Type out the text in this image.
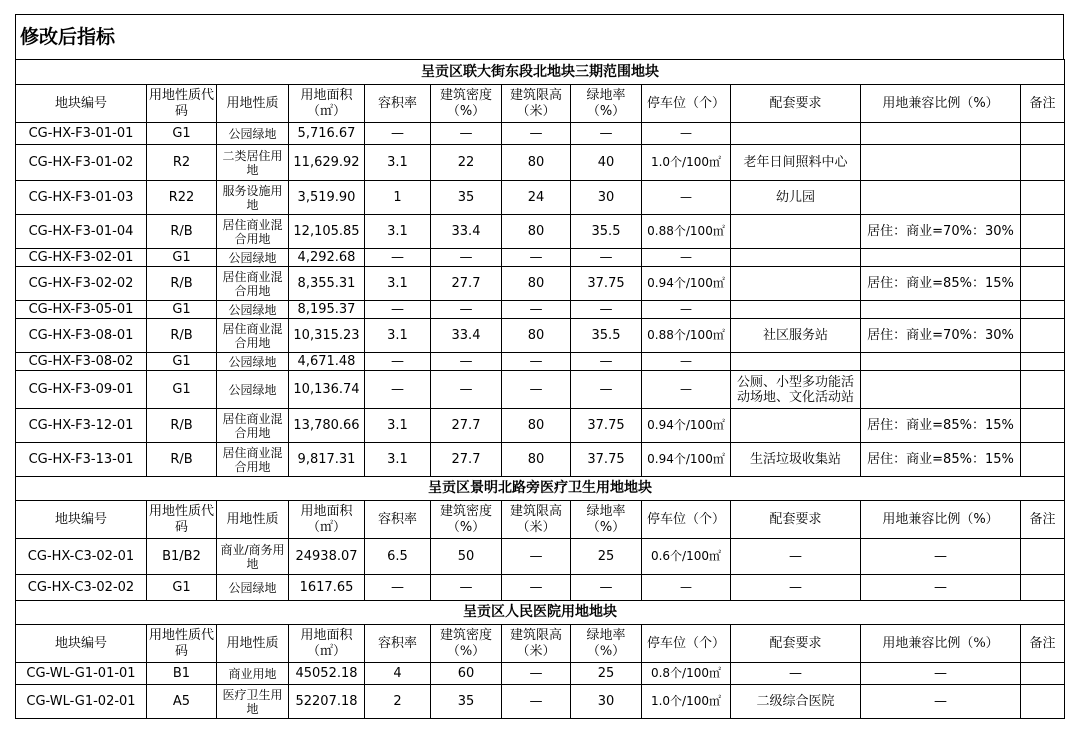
修改后指标
呈贡区联大街东段北地块三期范围地块											
地块编号	用地性质代码	用地性质	用地面积（㎡）	容积率	建筑密度（%）	建筑限高（米）	绿地率（%）	停车位（个）	配套要求	用地兼容比例（%）	备注
CG-HX-F3-01-01	G1	公园绿地	5,716.67	—	—	—	—	—			
CG-HX-F3-01-02	R2	二类居住用地	11,629.92	3.1	22	80	40	1.0个/100㎡	老年日间照料中心		
CG-HX-F3-01-03	R22	服务设施用地	3,519.90	1	35	24	30	—	幼儿园		
CG-HX-F3-01-04	R/B	居住商业混合用地	12,105.85	3.1	33.4	80	35.5	0.88个/100㎡		居住：商业=70%：30%	
CG-HX-F3-02-01	G1	公园绿地	4,292.68	—	—	—	—	—			
CG-HX-F3-02-02	R/B	居住商业混合用地	8,355.31	3.1	27.7	80	37.75	0.94个/100㎡		居住：商业=85%：15%	
CG-HX-F3-05-01	G1	公园绿地	8,195.37	—	—	—	—	—			
CG-HX-F3-08-01	R/B	居住商业混合用地	10,315.23	3.1	33.4	80	35.5	0.88个/100㎡	社区服务站	居住：商业=70%：30%	
CG-HX-F3-08-02	G1	公园绿地	4,671.48	—	—	—	—	—			
CG-HX-F3-09-01	G1	公园绿地	10,136.74	—	—	—	—	—	公厕、小型多功能活动场地、文化活动站		
CG-HX-F3-12-01	R/B	居住商业混合用地	13,780.66	3.1	27.7	80	37.75	0.94个/100㎡		居住：商业=85%：15%	
CG-HX-F3-13-01	R/B	居住商业混合用地	9,817.31	3.1	27.7	80	37.75	0.94个/100㎡	生活垃圾收集站	居住：商业=85%：15%	
呈贡区景明北路旁医疗卫生用地地块											
地块编号	用地性质代码	用地性质	用地面积（㎡）	容积率	建筑密度（%）	建筑限高（米）	绿地率（%）	停车位（个）	配套要求	用地兼容比例（%）	备注
CG-HX-C3-02-01	B1/B2	商业/商务用地	24938.07	6.5	50	—	25	0.6个/100㎡	—	—	
CG-HX-C3-02-02	G1	公园绿地	1617.65	—	—	—	—	—	—	—	
呈贡区人民医院用地地块											
地块编号	用地性质代码	用地性质	用地面积（㎡）	容积率	建筑密度（%）	建筑限高（米）	绿地率（%）	停车位（个）	配套要求	用地兼容比例（%）	备注
CG-WL-G1-01-01	B1	商业用地	45052.18	4	60	—	25	0.8个/100㎡	—	—	
CG-WL-G1-02-01	A5	医疗卫生用地	52207.18	2	35	—	30	1.0个/100㎡	二级综合医院	—	
